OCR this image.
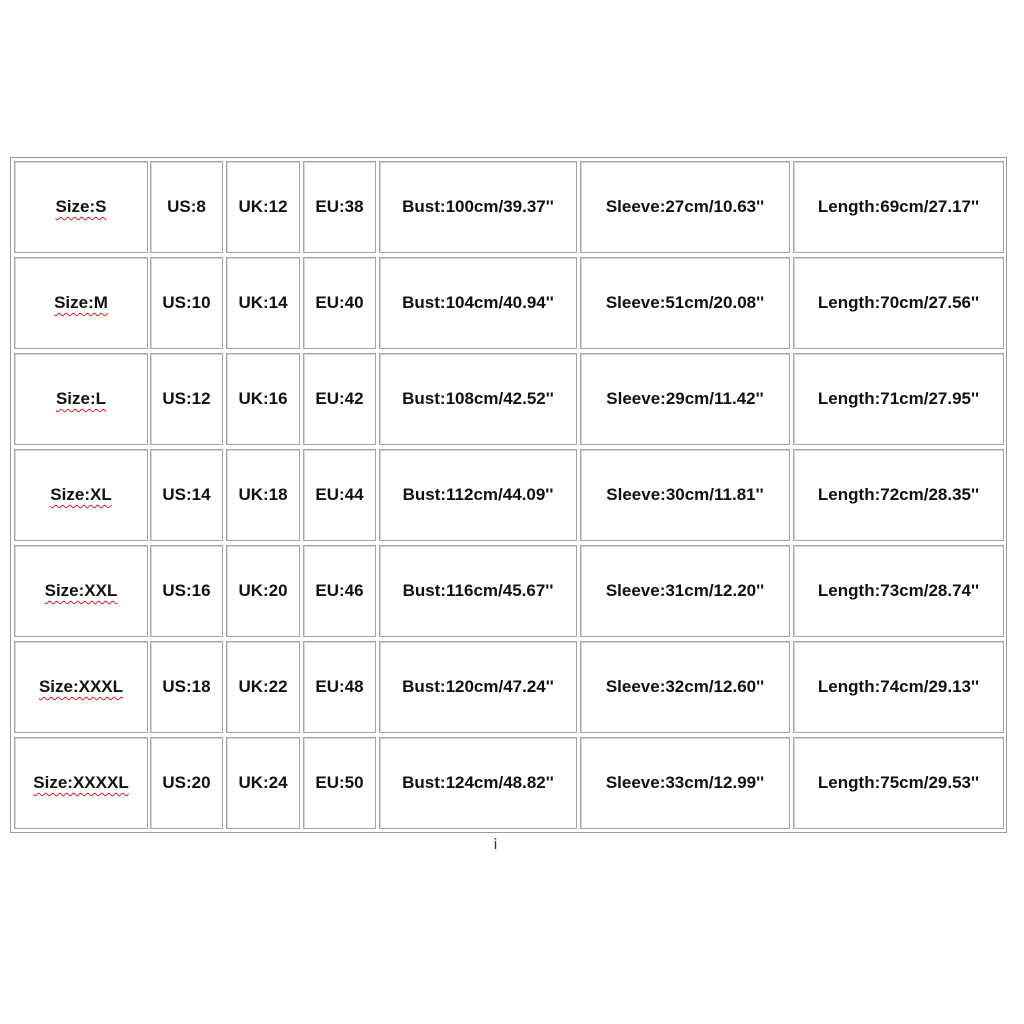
Size:S	US:8	UK:12	EU:38	Bust:100cm/39.37''	Sleeve:27cm/10.63''	Length:69cm/27.17''
Size:M	US:10	UK:14	EU:40	Bust:104cm/40.94''	Sleeve:51cm/20.08''	Length:70cm/27.56''
Size:L	US:12	UK:16	EU:42	Bust:108cm/42.52''	Sleeve:29cm/11.42''	Length:71cm/27.95''
Size:XL	US:14	UK:18	EU:44	Bust:112cm/44.09''	Sleeve:30cm/11.81''	Length:72cm/28.35''
Size:XXL	US:16	UK:20	EU:46	Bust:116cm/45.67''	Sleeve:31cm/12.20''	Length:73cm/28.74''
Size:XXXL	US:18	UK:22	EU:48	Bust:120cm/47.24''	Sleeve:32cm/12.60''	Length:74cm/29.13''
Size:XXXXL	US:20	UK:24	EU:50	Bust:124cm/48.82''	Sleeve:33cm/12.99''	Length:75cm/29.53''
Ꭵ
